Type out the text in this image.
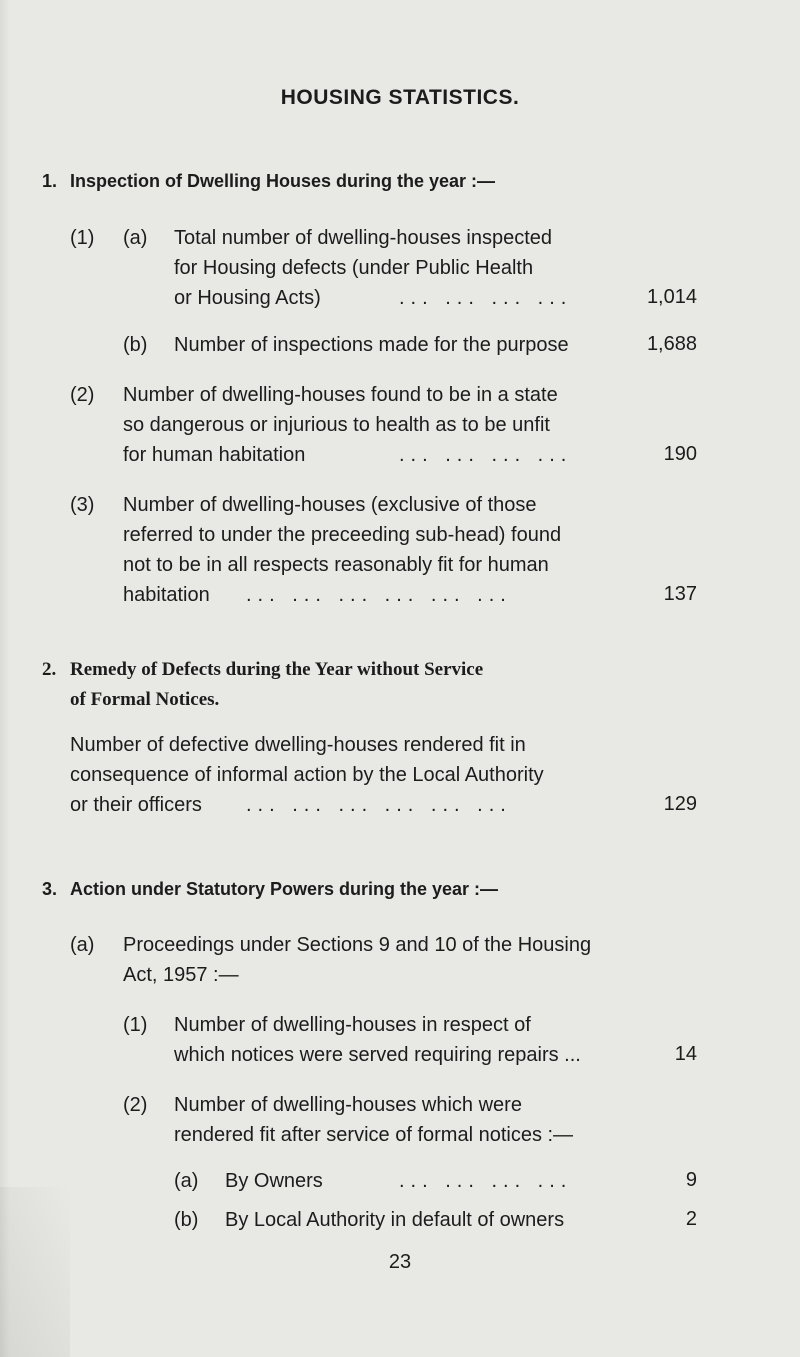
HOUSING STATISTICS.
1. Inspection of Dwelling Houses during the year :—
(1) (a) Total number of dwelling-houses inspected
for Housing defects (under Public Health
or Housing Acts)	... ... ... ...	1,014
(b) Number of inspections made for the purpose	1,688
(2) Number of dwelling-houses found to be in a state
so dangerous or injurious to health as to be unfit
for human habitation	... ... ... ...	190
(3) Number of dwelling-houses (exclusive of those
referred to under the preceeding sub-head) found
not to be in all respects reasonably fit for human
habitation ... ... ... ... ... ...	137
2. Remedy of Defects during the Year without Service
of Formal Notices.
Number of defective dwelling-houses rendered fit in
consequence of informal action by the Local Authority
or their officers ... ... ... ... ... ...	129
3. Action under Statutory Powers during the year :—
(a) Proceedings under Sections 9 and 10 of the Housing
Act, 1957 :—
(1) Number of dwelling-houses in respect of
which notices were served requiring repairs ...	14
(2) Number of dwelling-houses which were
rendered fit after service of formal notices :—
(a) By Owners	... ... ... ...	9
(b) By Local Authority in default of owners	2
23
